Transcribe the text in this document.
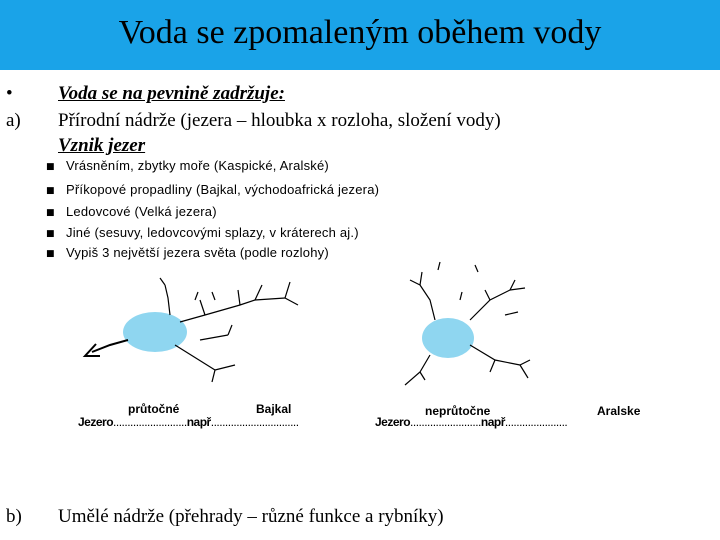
Voda se zpomaleným oběhem vody
• Voda se na pevnině zadržuje:
a) Přírodní nádrže (jezera – hloubka x rozloha, složení vody)
Vznik jezer
■ Vrásněním, zbytky moře (Kaspické, Aralské)
■ Příkopové propadliny (Bajkal, východoafrická jezera)
■ Ledovcové (Velká jezera)
■ Jiné (sesuvy, ledovcovými splazy, v kráterech aj.)
■ Vypiš 3 největší jezera světa (podle rozlohy)
průtočné	Bajkal
Jezero..........................např...............................
neprůtočne	Aralske
Jezero.........................např......................
b) Umělé nádrže (přehrady – různé funkce a rybníky)
